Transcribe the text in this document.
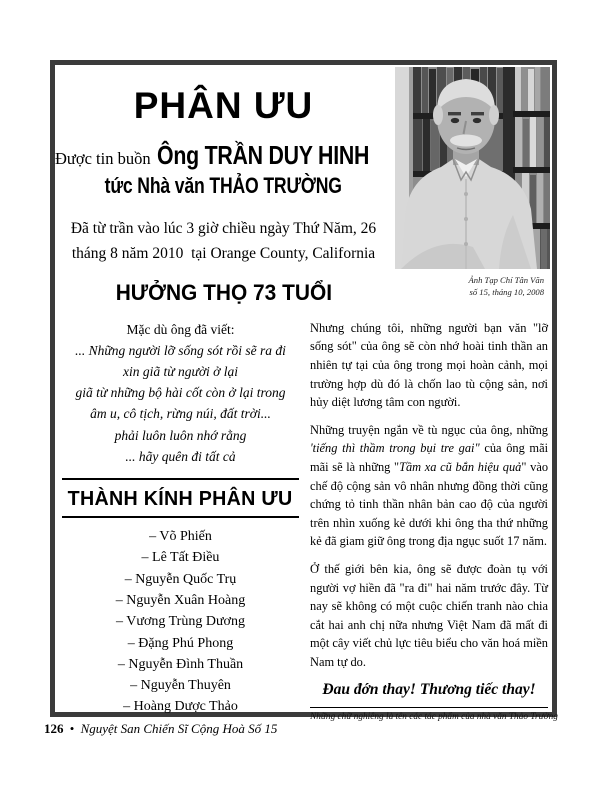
PHÂN ƯU
Được tin buồn Ông TRẦN DUY HINH
tức Nhà văn THẢO TRƯỜNG
Đã từ trần vào lúc 3 giờ chiều ngày Thứ Năm, 26
tháng 8 năm 2010  tại Orange County, California
HƯỞNG THỌ 73 TUỔI	Ảnh Tạp Chí Tân Văn
số 15, tháng 10, 2008
Mặc dù ông đã viết:
... Những người lỡ sống sót rồi sẽ ra đi
xin giã từ người ở lại
giã từ những bộ hài cốt còn ở lại trong
âm u, cô tịch, rừng núi, đất trời...
phải luôn luôn nhớ rằng
... hãy quên đi tất cả
THÀNH KÍNH PHÂN ƯU
– Võ Phiến
– Lê Tất Điều
– Nguyễn Quốc Trụ
– Nguyễn Xuân Hoàng
– Vương Trùng Dương
– Đặng Phú Phong
– Nguyễn Đình Thuần
– Nguyễn Thuyên
– Hoàng Dược Thảo
Nhưng chúng tôi, những người bạn văn "lỡ sống sót" của ông sẽ còn nhớ hoài tinh thần an nhiên tự tại của ông trong mọi hoàn cảnh, mọi trường hợp dù đó là chốn lao tù cộng sản, nơi hủy diệt lương tâm con người.
Những truyện ngắn về tù ngục của ông, những 'tiếng thì thầm trong bụi tre gai" của ông mãi mãi sẽ là những "Tầm xa cũ bắn hiệu quả" vào chế độ cộng sản vô nhân nhưng đồng thời cũng chứng tỏ tinh thần nhân bản cao độ của người trên nhìn xuống kẻ dưới khi ông tha thứ những kẻ đã giam giữ ông trong địa ngục suốt 17 năm.
Ở thế giới bên kia, ông sẽ được đoàn tụ với người vợ hiền đã "ra đi" hai năm trước đây. Từ nay sẽ không có một cuộc chiến tranh nào chia cắt hai anh chị nữa nhưng Việt Nam đã mất đi một cây viết chủ lực tiêu biểu cho văn hoá miền Nam tự do.
Đau đớn thay! Thương tiếc thay!
Những chữ nghiêng là tên các tác phẩm của nhà văn Thảo Trường
126 • Nguyệt San Chiến Sĩ Cộng Hoà Số 15
